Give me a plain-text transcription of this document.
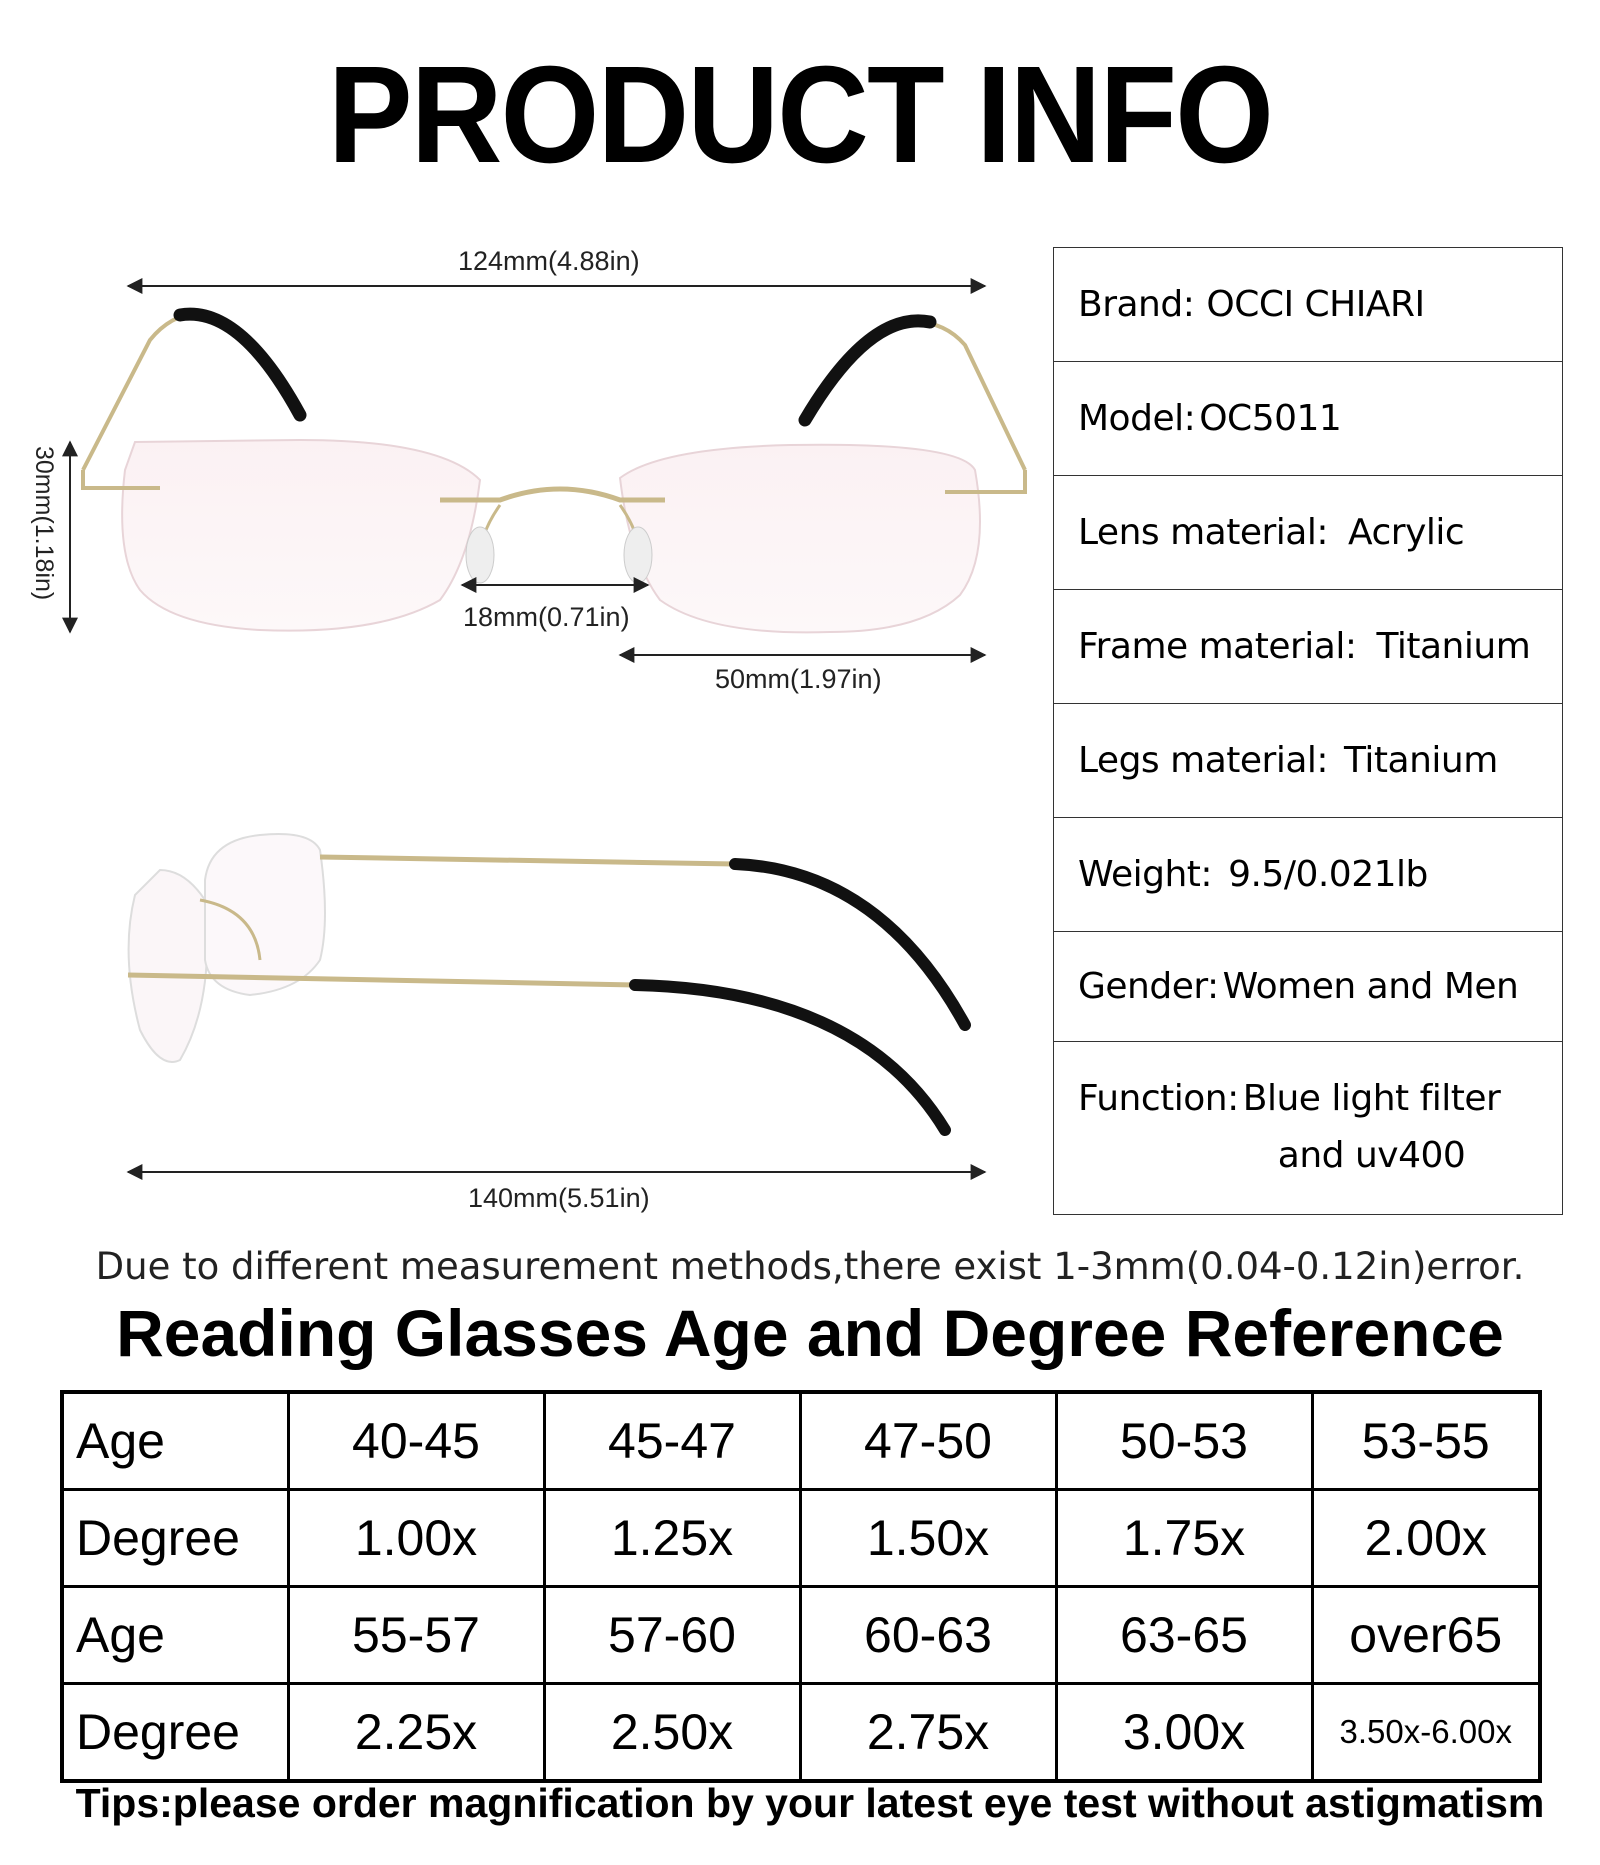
PRODUCT INFO
124mm(4.88in)
30mm(1.18in)
18mm(0.71in)
50mm(1.97in)
140mm(5.51in)
Brand: OCCI CHIARI
Model: OC5011
Lens material: Acrylic
Frame material: Titanium
Legs material: Titanium
Weight: 9.5/0.021lb
Gender: Women and Men
Function: Blue light filter
and uv400
Due to different measurement methods,there exist 1-3mm(0.04-0.12in)error.
Reading Glasses Age and Degree Reference
Age	40-45	45-47	47-50	50-53	53-55
Degree	1.00x	1.25x	1.50x	1.75x	2.00x
Age	55-57	57-60	60-63	63-65	over65
Degree	2.25x	2.50x	2.75x	3.00x	3.50x-6.00x
Tips:please order magnification by your latest eye test without astigmatism
